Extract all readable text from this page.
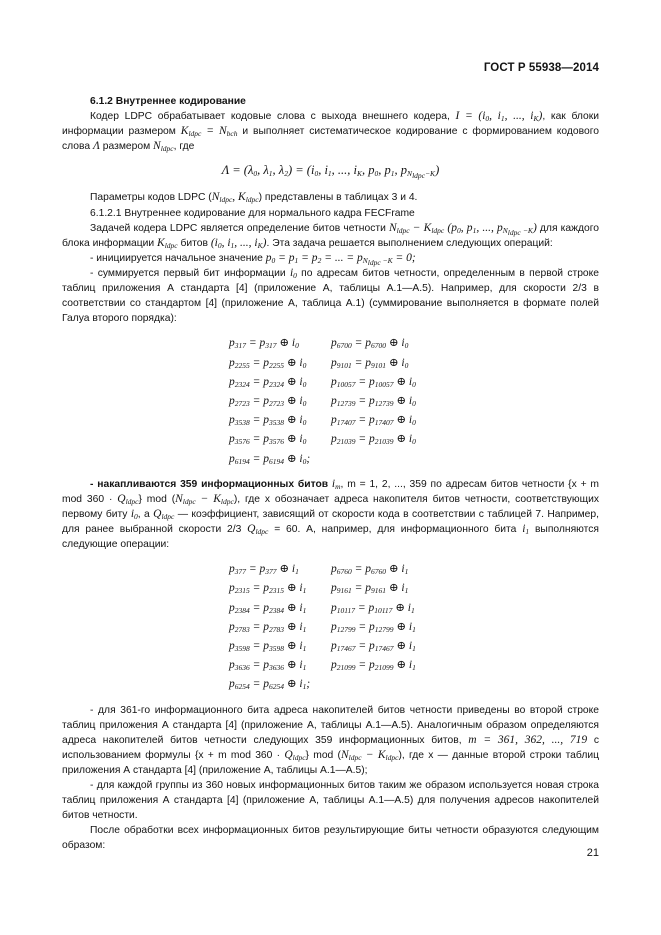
ГОСТ Р 55938—2014

6.1.2 Внутреннее кодирование

Кодер LDPC обрабатывает кодовые слова с выхода внешнего кодера, $I = (i_0$, $i_1$, ..., $i_K$), как блоки информации размером $K_{ldpc} = N_{bch}$ и выполняет систематическое кодирование с формированием кодового слова Λ размером $N_{ldpc}$, где

$\Lambda = (\lambda_0$, $\lambda_1$, $\lambda_2) = (i_0$, $i_1$, ..., $i_K$, $p_0$, $p_1$, $p_{N_{ldpc}-K}$)

Параметры кодов LDPC ($N_{ldpc}$, $K_{ldpc}$) представлены в таблицах 3 и 4.

6.1.2.1 Внутреннее кодирование для нормального кадра FECFrame

Задачей кодера LDPC является определение битов четности $N_{ldpc} - K_{ldpc}$ ($p_0$, $p_1$, ..., $p_{N_{ldpc} -K}$) для каждого блока информации $K_{ldpc}$ битов ($i_0$, $i_1$, ..., $i_K$). Эта задача решается выполнением следующих операций:

- инициируется начальное значение $p_0 = p_1 = p_2$ = ... = $p_{N_{ldpc} -K} = 0$;

- суммируется первый бит информации $i_0$ по адресам битов четности, определенным в первой строке таблиц приложения А стандарта [4] (приложение А, таблицы А.1—А.5). Например, для скорости 2/3 в соответствии со стандартом [4] (приложение А, таблица А.1) (суммирование выполняется в формате полей Галуа второго порядка):

$p_{317} = p_{317}$ ⊕ $i_0$	$p_{6700} = p_{6700}$ ⊕ $i_0$
$p_{2255} = p_{2255}$ ⊕ $i_0$	$p_{9101} = p_{9101}$ ⊕ $i_0$
$p_{2324} = p_{2324}$ ⊕ $i_0$	$p_{10057} = p_{10057}$ ⊕ $i_0$
$p_{2723} = p_{2723}$ ⊕ $i_0$	$p_{12739} = p_{12739}$ ⊕ $i_0$
$p_{3538} = p_{3538}$ ⊕ $i_0$	$p_{17407} = p_{17407}$ ⊕ $i_0$
$p_{3576} = p_{3576}$ ⊕ $i_0$	$p_{21039} = p_{21039}$ ⊕ $i_0$
$p_{6194} = p_{6194}$ ⊕ $i_0$;

- накапливаются 359 информационных битов $i_m$, m = 1, 2, ..., 359 по адресам битов четности {x + m mod $360 \cdot Q_{ldpc}$} mod $(N_{ldpc} - K_{ldpc})$, где x обозначает адреса накопителя битов четности, соответствующих первому биту $i_0$, а $Q_{ldpc}$ — коэффициент, зависящий от скорости кода в соответствии с таблицей 7. Например, для ранее выбранной скорости 2/3 $Q_{ldpc} = 60$. А, например, для информационного бита $i_1$ выполняются следующие операции:

$p_{377} = p_{377}$ ⊕ $i_1$	$p_{6760} = p_{6760}$ ⊕ $i_1$
$p_{2315} = p_{2315}$ ⊕ $i_1$	$p_{9161} = p_{9161}$ ⊕ $i_1$
$p_{2384} = p_{2384}$ ⊕ $i_1$	$p_{10117} = p_{10117}$ ⊕ $i_1$
$p_{2783} = p_{2783}$ ⊕ $i_1$	$p_{12799} = p_{12799}$ ⊕ $i_1$
$p_{3598} = p_{3598}$ ⊕ $i_1$	$p_{17467} = p_{17467}$ ⊕ $i_1$
$p_{3636} = p_{3636}$ ⊕ $i_1$	$p_{21099} = p_{21099}$ ⊕ $i_1$
$p_{6254} = p_{6254}$ ⊕ $i_1$;

- для 361-го информационного бита адреса накопителей битов четности приведены во второй строке таблиц приложения А стандарта [4] (приложение А, таблицы А.1—А.5). Аналогичным образом определяются адреса накопителей битов четности следующих 359 информационных битов, m = 361, 362, ..., 719 с использованием формулы {x + m mod $360 \cdot Q_{ldpc}$} mod $(N_{ldpc} - K_{ldpc})$, где x — данные второй строки таблиц приложения А стандарта [4] (приложение А, таблицы А.1—А.5);

- для каждой группы из 360 новых информационных битов таким же образом используется новая строка таблиц приложения А стандарта [4] (приложение А, таблицы А.1—А.5) для получения адресов накопителей битов четности.

После обработки всех информационных битов результирующие биты четности образуются следующим образом:

21
